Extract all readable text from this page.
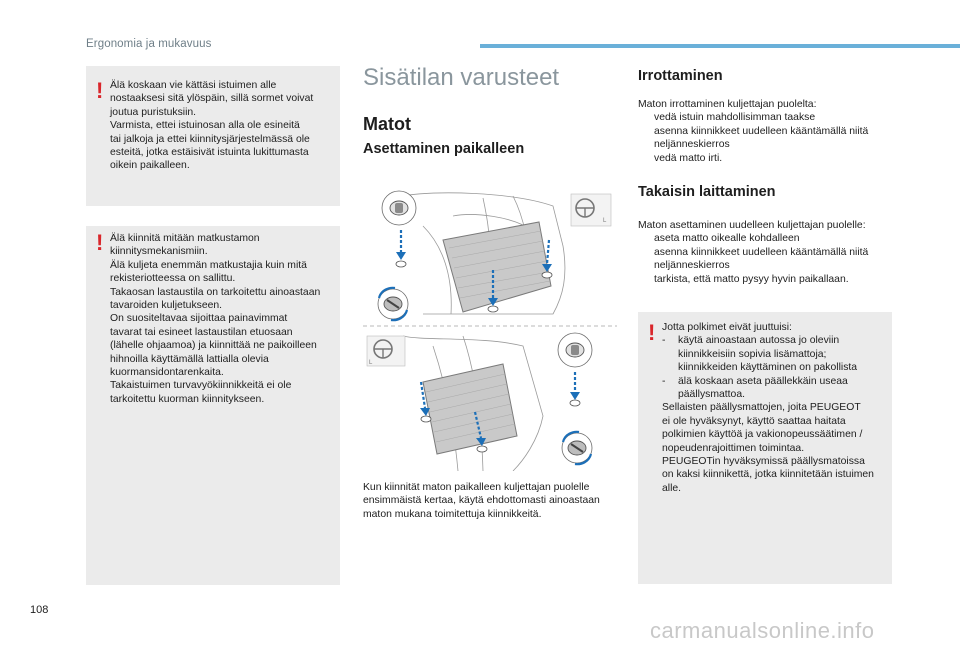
Ergonomia ja mukavuus
! Älä koskaan vie kättäsi istuimen alle
nostaaksesi sitä ylöspäin, sillä sormet voivat
joutua puristuksiin.
Varmista, ettei istuinosan alla ole esineitä
tai jalkoja ja ettei kiinnitysjärjestelmässä ole
esteitä, jotka estäisivät istuinta lukittumasta
oikein paikalleen.
! Älä kiinnitä mitään matkustamon
kiinnitysmekanismiin.
Älä kuljeta enemmän matkustajia kuin mitä
rekisteriotteessa on sallittu.
Takaosan lastaustila on tarkoitettu ainoastaan
tavaroiden kuljetukseen.
On suositeltavaa sijoittaa painavimmat
tavarat tai esineet lastaustilan etuosaan
(lähelle ohjaamoa) ja kiinnittää ne paikoilleen
hihnoilla käyttämällä lattialla olevia
kuormansidontarenkaita.
Takaistuimen turvavyökiinnikkeitä ei ole
tarkoitettu kuorman kiinnitykseen.
Sisätilan varusteet
Matot
Asettaminen paikalleen
L
L
Kun kiinnität maton paikalleen kuljettajan puolelle
ensimmäistä kertaa, käytä ehdottomasti ainoastaan
maton mukana toimitettuja kiinnikkeitä.
Irrottaminen
Maton irrottaminen kuljettajan puolelta:
vedä istuin mahdollisimman taakse
asenna kiinnikkeet uudelleen kääntämällä niitä neljänneskierros
vedä matto irti.
Takaisin laittaminen
Maton asettaminen uudelleen kuljettajan puolelle:
aseta matto oikealle kohdalleen
asenna kiinnikkeet uudelleen kääntämällä niitä neljänneskierros
tarkista, että matto pysyy hyvin paikallaan.
! Jotta polkimet eivät juuttuisi:
- käytä ainoastaan autossa jo oleviin kiinnikkeisiin sopivia lisämattoja; kiinnikkeiden käyttäminen on pakollista
- älä koskaan aseta päällekkäin useaa päällysmattoa.
Sellaisten päällysmattojen, joita PEUGEOT
ei ole hyväksynyt, käyttö saattaa haitata
polkimien käyttöä ja vakionopeussäätimen /
nopeudenrajoittimen toimintaa.
PEUGEOTin hyväksymissä päällysmatoissa
on kaksi kiinnikettä, jotka kiinnitetään istuimen
alle.
108
carmanualsonline.info
